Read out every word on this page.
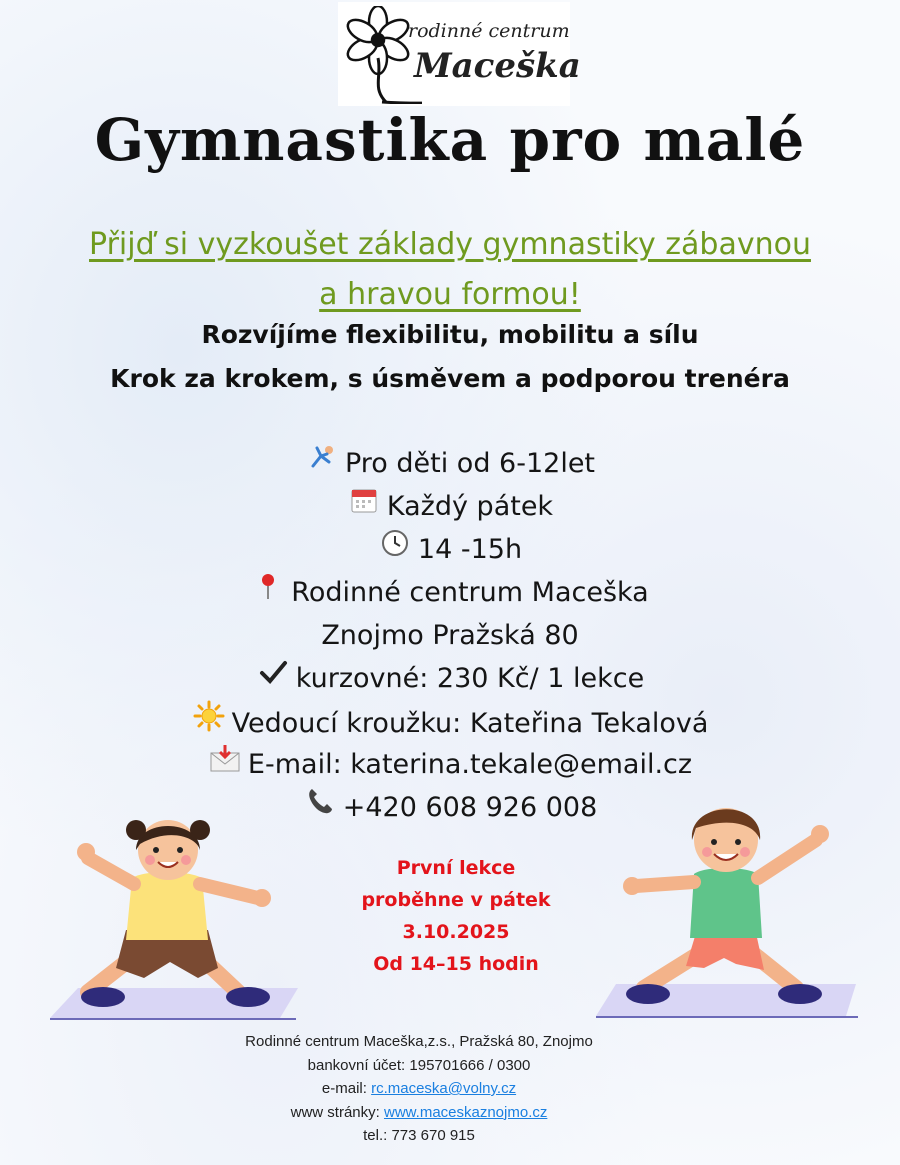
rodinné centrum
Maceška
Gymnastika pro malé
Přijď si vyzkoušet základy gymnastiky zábavnou
a hravou formou!
Rozvíjíme flexibilitu, mobilitu a sílu
Krok za krokem, s úsměvem a podporou trenéra
Pro děti od 6-12let
Každý pátek
14 -15h
Rodinné centrum Maceška
Znojmo Pražská 80
kurzovné: 230 Kč/ 1 lekce
Vedoucí kroužku: Kateřina Tekalová
E-mail: katerina.tekale@email.cz
+420 608 926 008
První lekce
proběhne v pátek
3.10.2025
Od 14–15 hodin
Rodinné centrum Maceška,z.s., Pražská 80, Znojmo
bankovní účet: 195701666 / 0300
e-mail: rc.maceska@volny.cz
www stránky: www.maceskaznojmo.cz
tel.: 773 670 915
